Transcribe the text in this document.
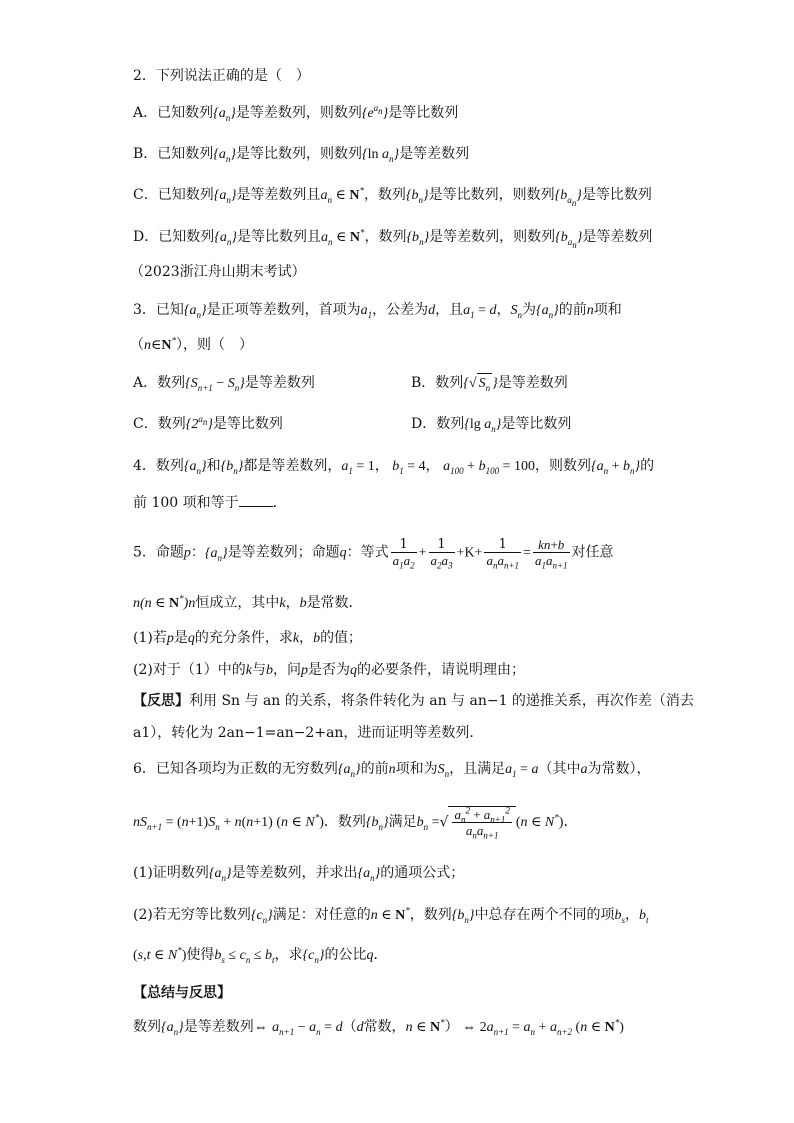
2．下列说法正确的是（　）
A．已知数列$\{a_n\}$是等差数列，则数列$\{e^{a_n}\}$是等比数列
B．已知数列$\{a_n\}$是等比数列，则数列{ln $a_n$}是等差数列
C．已知数列$\{a_n\}$是等差数列且$a_n$ ∈ N*，数列$\{b_n\}$是等比数列，则数列$\{b_{a_n}\}$是等比数列
D．已知数列$\{a_n\}$是等比数列且$a_n$ ∈ N*，数列$\{b_n\}$是等差数列，则数列$\{b_{a_n}\}$是等差数列
（2023浙江舟山期末考试）
3．已知$\{a_n\}$是正项等差数列，首项为$a_1$，公差为d，且$a_1 = d$，$S_n$为$\{a_n\}$的前n项和
（n∈N*），则（　）
A．数列$\{S_{n+1} - S_n\}$是等差数列	B．数列{√ $S_n$ }是等差数列
C．数列$\{2^{a_n}\}$是等比数列	D．数列{lg $a_n$}是等比数列
4．数列$\{a_n\}$和$\{b_n\}$都是等差数列，$a_1 = 1$， $b_1 = 4$， $a_{100} + b_{100} = 100$，则数列$\{a_n + b_n\}$的
前 100 项和等于 ．
5．命题p：$\{a_n\}$是等差数列；命题q：等式 $\frac{1}{a_1a_2} + \frac{1}{a_2a_3} +K+ \frac{1}{a_na_{n+1}} = \frac{kn+b}{a_1a_{n+1}}$ 对任意
n(n ∈ N*)n恒成立，其中k，b是常数．
(1)若p是q的充分条件，求k，b的值；
(2)对于（1）中的k与b，问p是否为q的必要条件，请说明理由；
【反思】利用 Sn 与 an 的关系，将条件转化为 an 与 an−1 的递推关系，再次作差（消去
a1），转化为 2an−1=an−2+an，进而证明等差数列．
6．已知各项均为正数的无穷数列$\{a_n\}$的前n项和为$S_n$，且满足$a_1 = a$（其中a为常数），
$nS_{n+1} = (n+1)S_n + n(n+1)$ (n ∈ N*)．数列$\{b_n\}$满足$b_n$ =√ $\frac{a_n^2 + a_{n+1}^2}{a_na_{n+1}} (n$ ∈ N*)．
(1)证明数列$\{a_n\}$是等差数列，并求出$\{a_n\}$的通项公式；
(2)若无穷等比数列$\{c_n\}$满足：对任意的n ∈ N*，数列$\{b_n\}$中总存在两个不同的项$b_s$，$b_t$
(s,t ∈ N*)使得$b_s \le c_n \le b_t$，求$\{c_n\}$的公比q．
【总结与反思】
数列$\{a_n\}$是等差数列⇔ $a_{n+1} - a_n = d(d$常数，n ∈ N*） ⇔ $2a_{n+1} = a_n + a_{n+2}$ (n ∈ N*)
